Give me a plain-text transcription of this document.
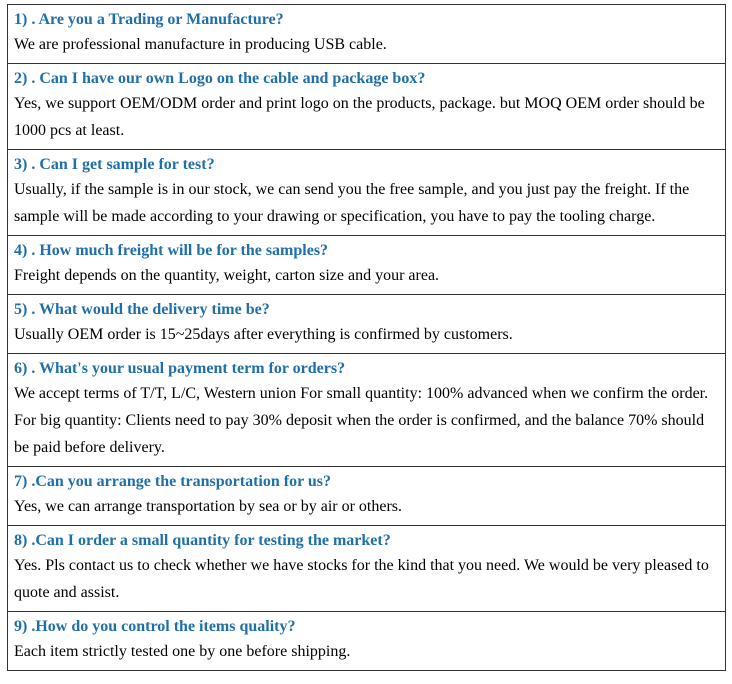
1) . Are you a Trading or Manufacture?

We are professional manufacture in producing USB cable.

2) . Can I have our own Logo on the cable and package box?

Yes, we support OEM/ODM order and print logo on the products, package. but MOQ OEM order should be 1000 pcs at least.

3) . Can I get sample for test?

Usually, if the sample is in our stock, we can send you the free sample, and you just pay the freight. If the sample will be made according to your drawing or specification, you have to pay the tooling charge.

4) . How much freight will be for the samples?

Freight depends on the quantity, weight, carton size and your area.

5) . What would the delivery time be?

Usually OEM order is 15~25days after everything is confirmed by customers.

6) . What's your usual payment term for orders?

We accept terms of T/T, L/C, Western union For small quantity: 100% advanced when we confirm the order. For big quantity: Clients need to pay 30% deposit when the order is confirmed, and the balance 70% should be paid before delivery.

7) .Can you arrange the transportation for us?

Yes, we can arrange transportation by sea or by air or others.

8) .Can I order a small quantity for testing the market?

Yes. Pls contact us to check whether we have stocks for the kind that you need. We would be very pleased to quote and assist.

9) .How do you control the items quality?

Each item strictly tested one by one before shipping.
